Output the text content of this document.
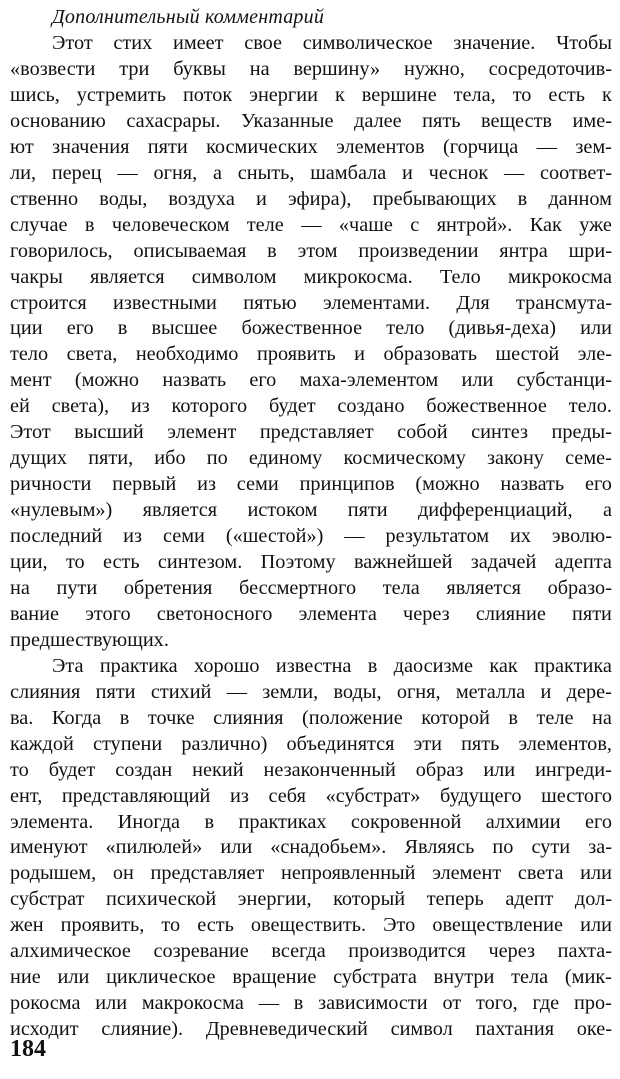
Дополнительный комментарий
Этот стих имеет свое символическое значение. Чтобы
«возвести три буквы на вершину» нужно, сосредоточив-
шись, устремить поток энергии к вершине тела, то есть к
основанию сахасрары. Указанные далее пять веществ име-
ют значения пяти космических элементов (горчица — зем-
ли, перец — огня, а сныть, шамбала и чеснок — соответ-
ственно воды, воздуха и эфира), пребывающих в данном
случае в человеческом теле — «чаше с янтрой». Как уже
говорилось, описываемая в этом произведении янтра шри-
чакры является символом микрокосма. Тело микрокосма
строится известными пятью элементами. Для трансмута-
ции его в высшее божественное тело (дивья-деха) или
тело света, необходимо проявить и образовать шестой эле-
мент (можно назвать его маха-элементом или субстанци-
ей света), из которого будет создано божественное тело.
Этот высший элемент представляет собой синтез преды-
дущих пяти, ибо по единому космическому закону семе-
ричности первый из семи принципов (можно назвать его
«нулевым») является истоком пяти дифференциаций, а
последний из семи («шестой») — результатом их эволю-
ции, то есть синтезом. Поэтому важнейшей задачей адепта
на пути обретения бессмертного тела является образо-
вание этого светоносного элемента через слияние пяти
предшествующих.
Эта практика хорошо известна в даосизме как практика
слияния пяти стихий — земли, воды, огня, металла и дере-
ва. Когда в точке слияния (положение которой в теле на
каждой ступени различно) объединятся эти пять элементов,
то будет создан некий незаконченный образ или ингреди-
ент, представляющий из себя «субстрат» будущего шестого
элемента. Иногда в практиках сокровенной алхимии его
именуют «пилюлей» или «снадобьем». Являясь по сути за-
родышем, он представляет непроявленный элемент света или
субстрат психической энергии, который теперь адепт дол-
жен проявить, то есть овеществить. Это овеществление или
алхимическое созревание всегда производится через пахта-
ние или циклическое вращение субстрата внутри тела (мик-
рокосма или макрокосма — в зависимости от того, где про-
исходит слияние). Древневедический символ пахтания оке-
184
